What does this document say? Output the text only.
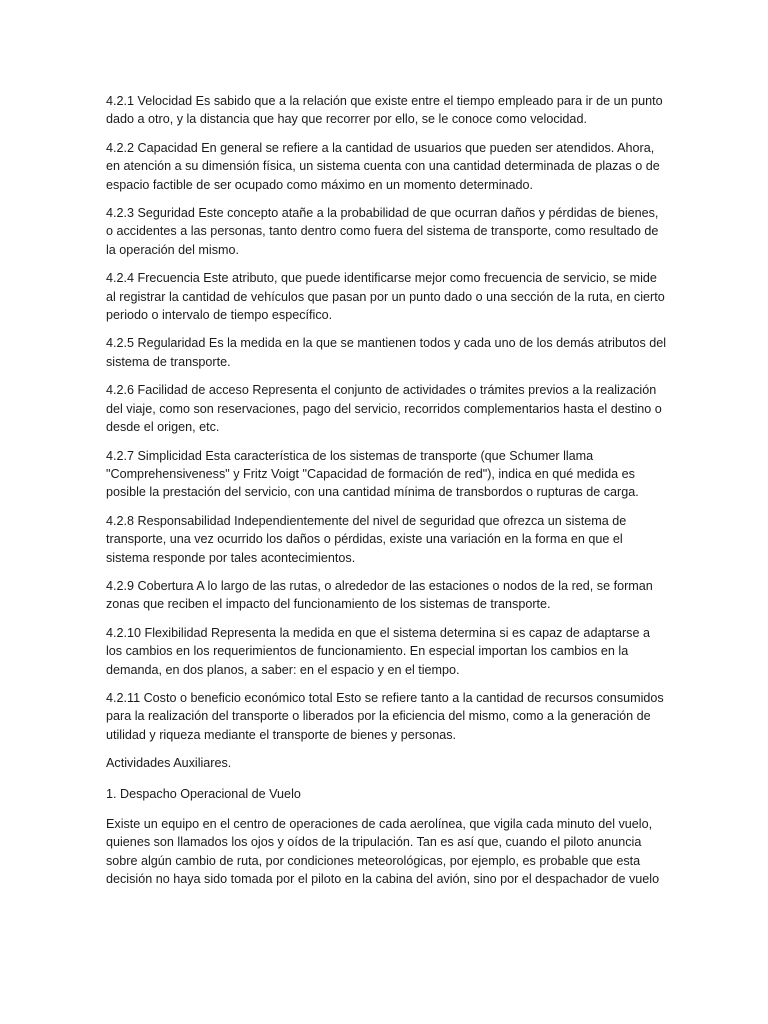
4.2.1 Velocidad Es sabido que a la relación que existe entre el tiempo empleado para ir de un punto dado a otro, y la distancia que hay que recorrer por ello, se le conoce como velocidad.

4.2.2 Capacidad En general se refiere a la cantidad de usuarios que pueden ser atendidos. Ahora, en atención a su dimensión física, un sistema cuenta con una cantidad determinada de plazas o de espacio factible de ser ocupado como máximo en un momento determinado.

4.2.3 Seguridad Este concepto atañe a la probabilidad de que ocurran daños y pérdidas de bienes, o accidentes a las personas, tanto dentro como fuera del sistema de transporte, como resultado de la operación del mismo.

4.2.4 Frecuencia Este atributo, que puede identificarse mejor como frecuencia de servicio, se mide al registrar la cantidad de vehículos que pasan por un punto dado o una sección de la ruta, en cierto periodo o intervalo de tiempo específico.

4.2.5 Regularidad Es la medida en la que se mantienen todos y cada uno de los demás atributos del sistema de transporte.

4.2.6 Facilidad de acceso Representa el conjunto de actividades o trámites previos a la realización del viaje, como son reservaciones, pago del servicio, recorridos complementarios hasta el destino o desde el origen, etc.

4.2.7 Simplicidad Esta característica de los sistemas de transporte (que Schumer llama "Comprehensiveness" y Fritz Voigt "Capacidad de formación de red"), indica en qué medida es posible la prestación del servicio, con una cantidad mínima de transbordos o rupturas de carga.

4.2.8 Responsabilidad Independientemente del nivel de seguridad que ofrezca un sistema de transporte, una vez ocurrido los daños o pérdidas, existe una variación en la forma en que el sistema responde por tales acontecimientos.

4.2.9 Cobertura A lo largo de las rutas, o alrededor de las estaciones o nodos de la red, se forman zonas que reciben el impacto del funcionamiento de los sistemas de transporte.

4.2.10 Flexibilidad Representa la medida en que el sistema determina si es capaz de adaptarse a los cambios en los requerimientos de funcionamiento. En especial importan los cambios en la demanda, en dos planos, a saber: en el espacio y en el tiempo.

4.2.11 Costo o beneficio económico total Esto se refiere tanto a la cantidad de recursos consumidos para la realización del transporte o liberados por la eficiencia del mismo, como a la generación de utilidad y riqueza mediante el transporte de bienes y personas.

Actividades Auxiliares.

1. Despacho Operacional de Vuelo

Existe un equipo en el centro de operaciones de cada aerolínea, que vigila cada minuto del vuelo, quienes son llamados los ojos y oídos de la tripulación. Tan es así que, cuando el piloto anuncia sobre algún cambio de ruta, por condiciones meteorológicas, por ejemplo, es probable que esta decisión no haya sido tomada por el piloto en la cabina del avión, sino por el despachador de vuelo
